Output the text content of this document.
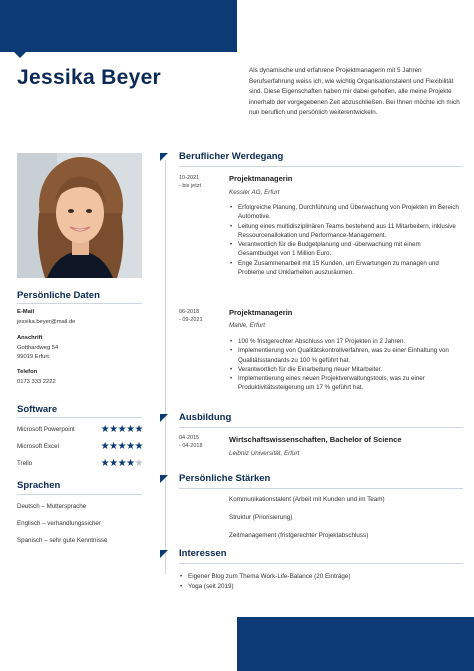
Jessika Beyer	Als dynamische und erfahrene Projektmanagerin mit 5 Jahren Berufserfahrung weiss ich, wie wichtig Organisationstalent und Flexibilität sind. Diese Eigenschaften haben mir dabei geholfen, alle meine Projekte innerhalb der vorgegebenen Zeit abzuschließen. Bei Ihnen möchte ich mich nun beruflich und persönlich weiterentwickeln.
Persönliche Daten
E-Mail
jessika.beyer@mail.de
Anschrift
Gotthardweg 54
99019 Erfurt
Telefon
0173 333 2222
Software
Microsoft Powerpoint	★★★★★
Microsoft Excel	★★★★★
Trello	★★★★★
Sprachen
Deutsch – Muttersprache
Englisch – verhandlungssicher
Spanisch – sehr gute Kenntnisse
Beruflicher Werdegang
10-2021
- bis jetzt
Projektmanagerin
Kessler AG, Erfurt
• Erfolgreiche Planung, Durchführung und Überwachung von Projekten im Bereich Automotive.
• Leitung eines multidisziplinären Teams bestehend aus 11 Mitarbeitern, inklusive Ressourcenallokation und Performance-Management.
• Verantwortlich für die Budgetplanung und -überwachung mit einem Gesamtbudget von 1 Million Euro.
• Enge Zusammenarbeit mit 15 Kunden, um Erwartungen zu managen und Probleme und Unklarheiten auszuräumen.
06-2018
- 09-2021
Projektmanagerin
Mahle, Erfurt
• 100 % fristgerechter Abschluss von 17 Projekten in 2 Jahren.
• Implementierung von Qualitätskontrollverfahren, was zu einer Einhaltung von Qualitätsstandards zu 100 % geführt hat.
• Verantwortlich für die Einarbeitung neuer Mitarbeiter.
• Implementierung eines neuen Projektverwaltungstools, was zu einer Produktivitätssteigerung um 17 % geführt hat.
Ausbildung
04-2015
- 04-2018
Wirtschaftswissenschaften, Bachelor of Science
Leibniz Universität, Erfurt
Persönliche Stärken
Kommunikationstalent (Arbeit mit Kunden und im Team)
Struktur (Priorisierung)
Zeitmanagement (fristgerechter Projektabschluss)
Interessen
• Eigener Blog zum Thema Work-Life-Balance (20 Einträge)
• Yoga (seit 2019)
